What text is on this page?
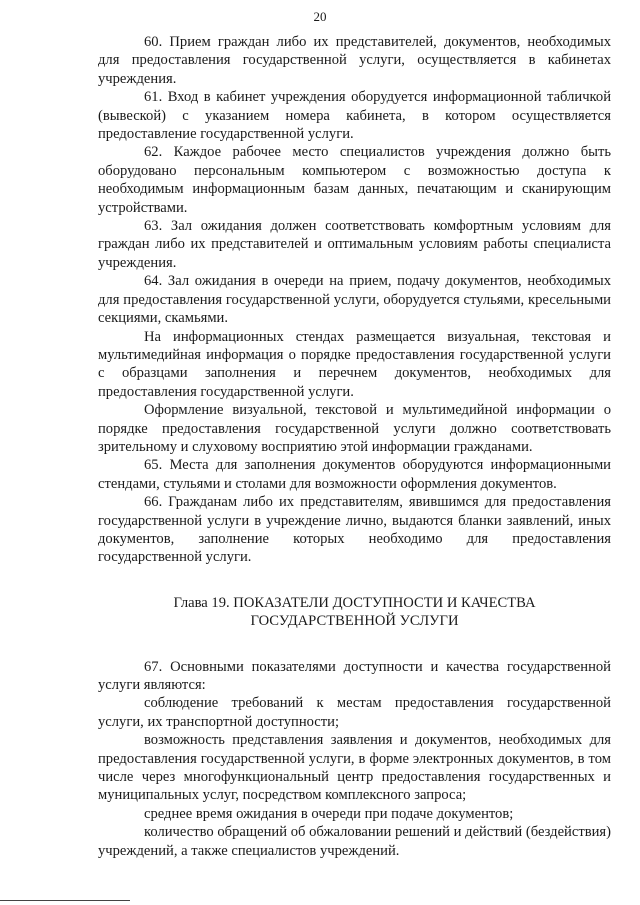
20

60. Прием граждан либо их представителей, документов, необходимых для предоставления государственной услуги, осуществляется в кабинетах учреждения.

61. Вход в кабинет учреждения оборудуется информационной табличкой (вывеской) с указанием номера кабинета, в котором осуществляется предоставление государственной услуги.

62. Каждое рабочее место специалистов учреждения должно быть оборудовано персональным компьютером с возможностью доступа к необходимым информационным базам данных, печатающим и сканирующим устройствами.

63. Зал ожидания должен соответствовать комфортным условиям для граждан либо их представителей и оптимальным условиям работы специалиста учреждения.

64. Зал ожидания в очереди на прием, подачу документов, необходимых для предоставления государственной услуги, оборудуется стульями, кресельными секциями, скамьями.

На информационных стендах размещается визуальная, текстовая и мультимедийная информация о порядке предоставления государственной услуги с образцами заполнения и перечнем документов, необходимых для предоставления государственной услуги.

Оформление визуальной, текстовой и мультимедийной информации о порядке предоставления государственной услуги должно соответствовать зрительному и слуховому восприятию этой информации гражданами.

65. Места для заполнения документов оборудуются информационными стендами, стульями и столами для возможности оформления документов.

66. Гражданам либо их представителям, явившимся для предоставления государственной услуги в учреждение лично, выдаются бланки заявлений, иных документов, заполнение которых необходимо для предоставления государственной услуги.

Глава 19. ПОКАЗАТЕЛИ ДОСТУПНОСТИ И КАЧЕСТВА
ГОСУДАРСТВЕННОЙ УСЛУГИ

67. Основными показателями доступности и качества государственной услуги являются:

соблюдение требований к местам предоставления государственной услуги, их транспортной доступности;

возможность представления заявления и документов, необходимых для предоставления государственной услуги, в форме электронных документов, в том числе через многофункциональный центр предоставления государственных и муниципальных услуг, посредством комплексного запроса;

среднее время ожидания в очереди при подаче документов;

количество обращений об обжаловании решений и действий (бездействия) учреждений, а также специалистов учреждений.
